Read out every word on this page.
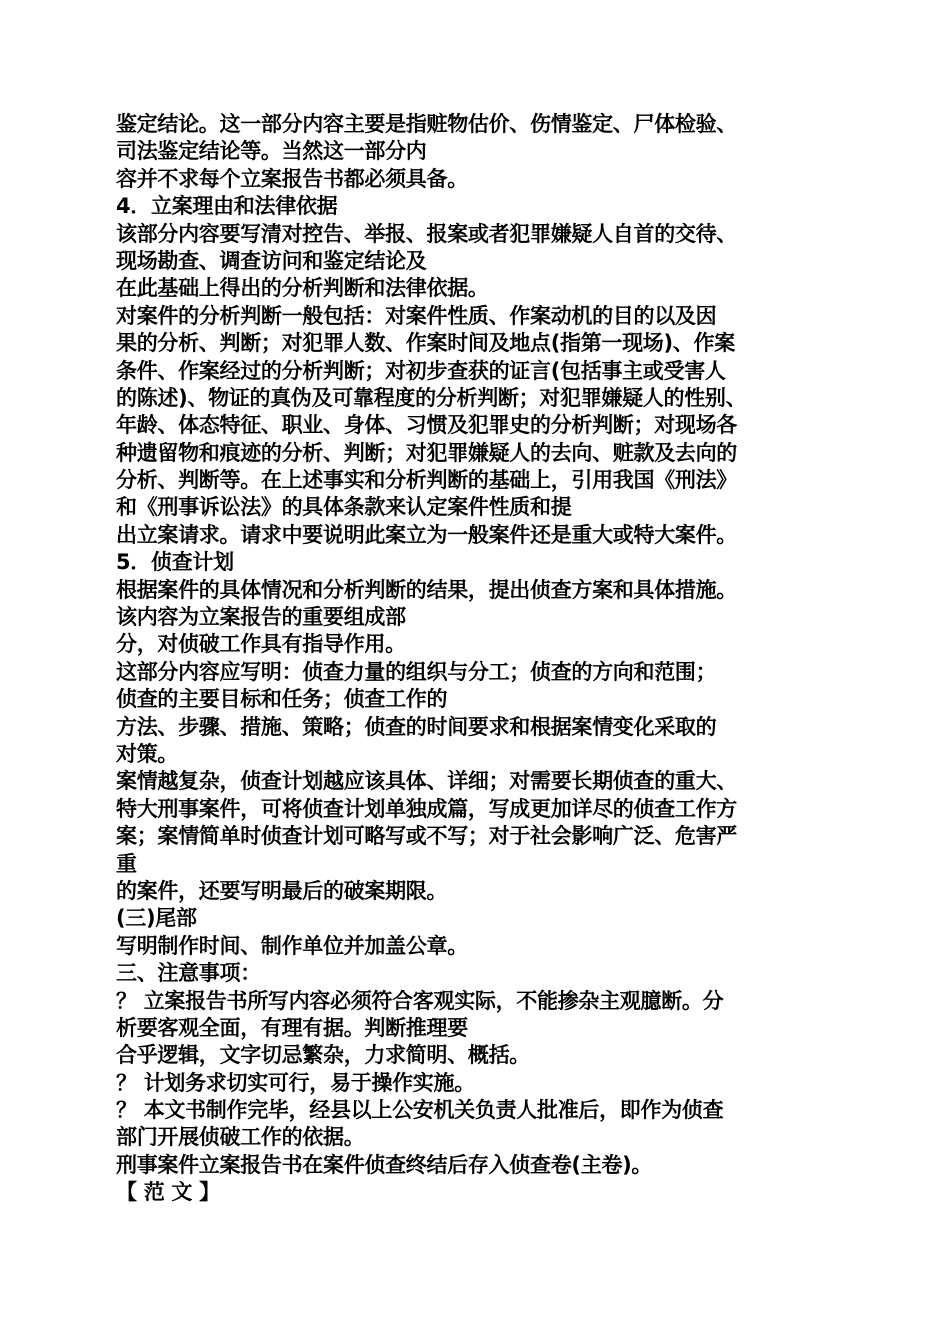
鉴定结论。这一部分内容主要是指赃物估价、伤情鉴定、尸体检验、
司法鉴定结论等。当然这一部分内
容并不求每个立案报告书都必须具备。
4．立案理由和法律依据
该部分内容要写清对控告、举报、报案或者犯罪嫌疑人自首的交待、
现场勘查、调查访问和鉴定结论及
在此基础上得出的分析判断和法律依据。
对案件的分析判断一般包括：对案件性质、作案动机的目的以及因
果的分析、判断；对犯罪人数、作案时间及地点(指第一现场)、作案
条件、作案经过的分析判断；对初步查获的证言(包括事主或受害人
的陈述)、物证的真伪及可靠程度的分析判断；对犯罪嫌疑人的性别、
年龄、体态特征、职业、身体、习惯及犯罪史的分析判断；对现场各
种遗留物和痕迹的分析、判断；对犯罪嫌疑人的去向、赃款及去向的
分析、判断等。在上述事实和分析判断的基础上，引用我国《刑法》
和《刑事诉讼法》的具体条款来认定案件性质和提
出立案请求。请求中要说明此案立为一般案件还是重大或特大案件。
5．侦查计划
根据案件的具体情况和分析判断的结果，提出侦查方案和具体措施。
该内容为立案报告的重要组成部
分，对侦破工作具有指导作用。
这部分内容应写明：侦查力量的组织与分工；侦查的方向和范围；
侦查的主要目标和任务；侦查工作的
方法、步骤、措施、策略；侦查的时间要求和根据案情变化采取的
对策。
案情越复杂，侦查计划越应该具体、详细；对需要长期侦查的重大、
特大刑事案件，可将侦查计划单独成篇，写成更加详尽的侦查工作方
案；案情简单时侦查计划可略写或不写；对于社会影响广泛、危害严
重
的案件，还要写明最后的破案期限。
(三)尾部
写明制作时间、制作单位并加盖公章。
三、注意事项：
？ 立案报告书所写内容必须符合客观实际，不能掺杂主观臆断。分
析要客观全面，有理有据。判断推理要
合乎逻辑，文字切忌繁杂，力求简明、概括。
？ 计划务求切实可行，易于操作实施。
？ 本文书制作完毕，经县以上公安机关负责人批准后，即作为侦查
部门开展侦破工作的依据。
刑事案件立案报告书在案件侦查终结后存入侦查卷(主卷)。
【 范 文 】
